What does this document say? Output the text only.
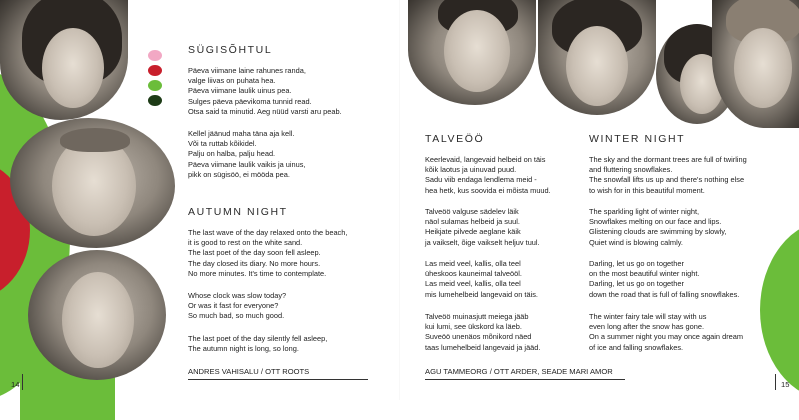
SÜGISÕHTUL

Päeva viimane laine rahunes randa,
valge liivas on puhata hea.
Päeva viimane laulik uinus pea.
Sulges päeva päevikoma tunnid read.
Otsa said ta minutid. Aeg nüüd varsti aru peab.

Kellel jäänud maha täna aja kell.
Või ta ruttab kõikidel.
Palju on halba, palju head.
Päeva viimane laulik vaikis ja uinus,
pikk on sügisöö, ei mööda pea.

AUTUMN NIGHT

The last wave of the day relaxed onto the beach,
it is good to rest on the white sand.
The last poet of the day soon fell asleep.
The day closed its diary. No more hours.
No more minutes. It's time to contemplate.

Whose clock was slow today?
Or was it fast for everyone?
So much bad, so much good.

The last poet of the day silently fell asleep,
The autumn night is long, so long.

ANDRES VAHISALU / OTT ROOTS
14
TALVEÖÖ

Keerlevaid, langevaid helbeid on täis
kõik laotus ja uinuvad puud.
Sadu viib endaga lendlema meid -
hea hetk, kus soovida ei mõista muud.

Talveöö valguse sädelev läik
näol sulamas helbeid ja suul.
Heikjate pilvede aeglane käik
ja vaikselt, õige vaikselt heljuv tuul.

Las meid veel, kallis, olla teel
üheskoos kauneimal talveööl.
Las meid veel, kallis, olla teel
mis lumehelbeid langevaid on täis.

Talveöö muinasjutt meiega jääb
kui lumi, see ükskord ka läeb.
Suveöö unenäos mõnikord näed
taas lumehelbeid langevaid ja jääd.

WINTER NIGHT

The sky and the dormant trees are full of twirling
and fluttering snowflakes.
The snowfall lifts us up and there's nothing else
to wish for in this beautiful moment.

The sparkling light of winter night,
Snowflakes melting on our face and lips.
Glistening clouds are swimming by slowly,
Quiet wind is blowing calmly.

Darling, let us go on together
on the most beautiful winter night.
Darling, let us go on together
down the road that is full of falling snowflakes.

The winter fairy tale will stay with us
even long after the snow has gone.
On a summer night you may once again dream
of ice and falling snowflakes.

AGU TAMMEORG / OTT ARDER, SEADE MARI AMOR
15
